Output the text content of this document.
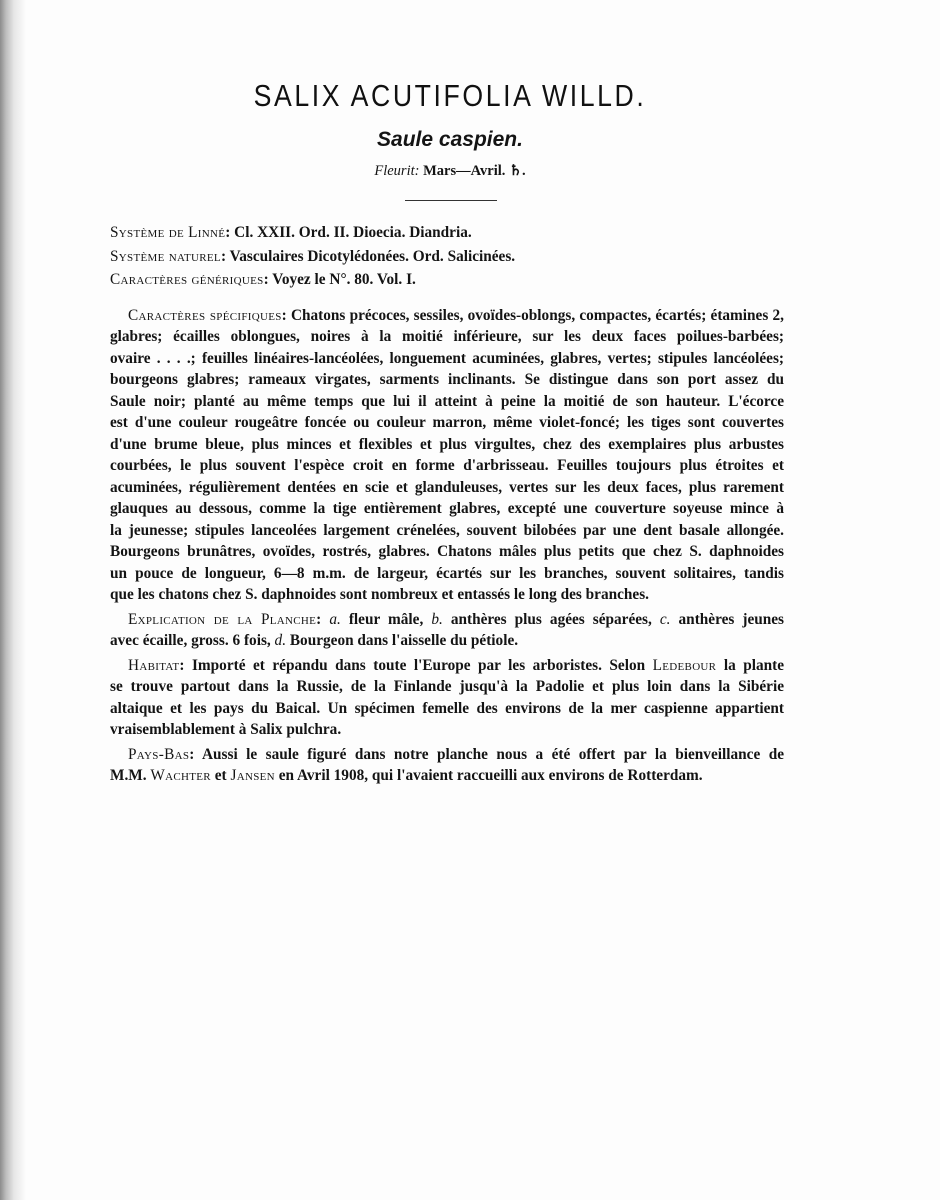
SALIX ACUTIFOLIA WILLD.
Saule caspien.
Fleurit: Mars—Avril. ♄.
Système de Linné: Cl. XXII. Ord. II. Dioecia. Diandria.
Système naturel: Vasculaires Dicotylédonées. Ord. Salicinées.
Caractères génériques: Voyez le N°. 80. Vol. I.
Caractères spécifiques: Chatons précoces, sessiles, ovoïdes-oblongs, compactes, écartés; étamines 2,
glabres; écailles oblongues, noires à la moitié inférieure, sur les deux faces poilues-barbées;
ovaire . . . .; feuilles linéaires-lancéolées, longuement acuminées, glabres, vertes; stipules lancéolées;
bourgeons glabres; rameaux virgates, sarments inclinants. Se distingue dans son port assez du
Saule noir; planté au même temps que lui il atteint à peine la moitié de son hauteur. L'écorce
est d'une couleur rougeâtre foncée ou couleur marron, même violet-foncé; les tiges sont couvertes
d'une brume bleue, plus minces et flexibles et plus virgultes, chez des exemplaires plus arbustes
courbées, le plus souvent l'espèce croit en forme d'arbrisseau. Feuilles toujours plus étroites et
acuminées, régulièrement dentées en scie et glanduleuses, vertes sur les deux faces, plus rarement
glauques au dessous, comme la tige entièrement glabres, excepté une couverture soyeuse mince à
la jeunesse; stipules lanceolées largement crénelées, souvent bilobées par une dent basale allongée.
Bourgeons brunâtres, ovoïdes, rostrés, glabres. Chatons mâles plus petits que chez S. daphnoides
un pouce de longueur, 6—8 m.m. de largeur, écartés sur les branches, souvent solitaires, tandis
que les chatons chez S. daphnoides sont nombreux et entassés le long des branches.
Explication de la Planche: a. fleur mâle, b. anthères plus agées séparées, c. anthères jeunes
avec écaille, gross. 6 fois, d. Bourgeon dans l'aisselle du pétiole.
Habitat: Importé et répandu dans toute l'Europe par les arboristes. Selon Ledebour la plante
se trouve partout dans la Russie, de la Finlande jusqu'à la Padolie et plus loin dans la Sibérie
altaique et les pays du Baical. Un spécimen femelle des environs de la mer caspienne appartient
vraisemblablement à Salix pulchra.
Pays-Bas: Aussi le saule figuré dans notre planche nous a été offert par la bienveillance de
M.M. Wachter et Jansen en Avril 1908, qui l'avaient raccueilli aux environs de Rotterdam.
